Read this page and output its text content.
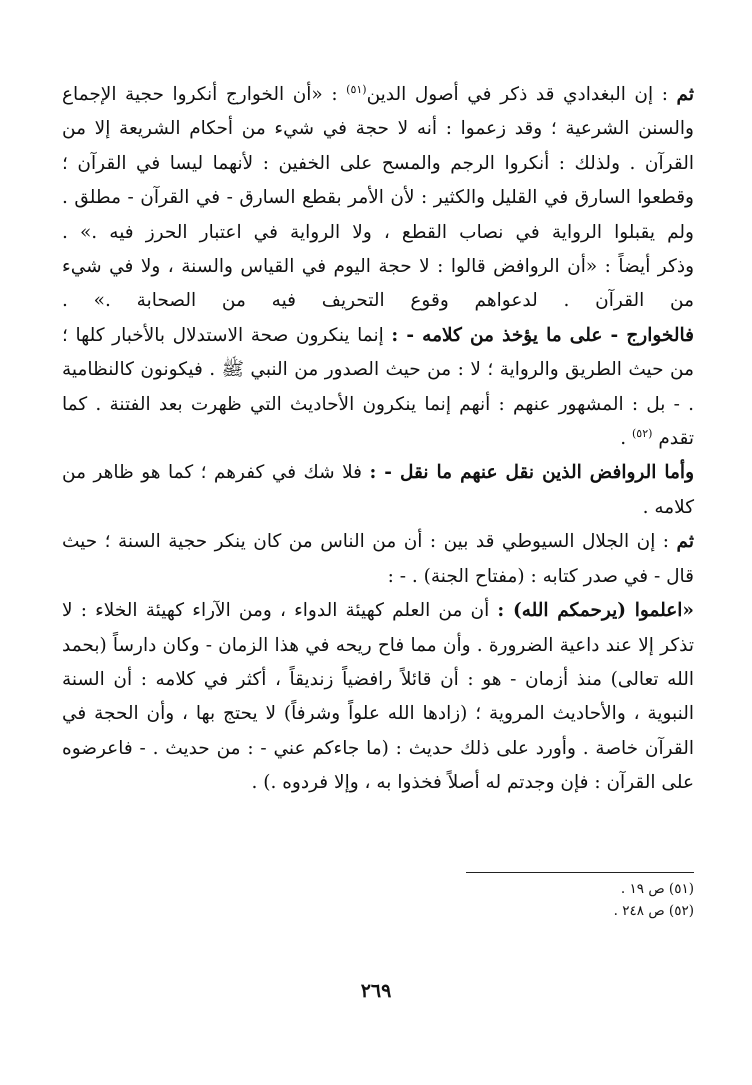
ثم : إن البغدادي قد ذكر في أصول الدين$^{(٥١)}$ : «أن الخوارج أنكروا حجية الإجماع والسنن الشرعية ؛ وقد زعموا : أنه لا حجة في شيء من أحكام الشريعة إلا من القرآن . ولذلك : أنكروا الرجم والمسح على الخفين : لأنهما ليسا في القرآن ؛ وقطعوا السارق في القليل والكثير : لأن الأمر بقطع السارق - في القرآن - مطلق . ولم يقبلوا الرواية في نصاب القطع ، ولا الرواية في اعتبار الحرز فيه .» .

وذكر أيضاً : «أن الروافض قالوا : لا حجة اليوم في القياس والسنة ، ولا في شيء من القرآن . لدعواهم وقوع التحريف فيه من الصحابة .» .

فالخوارج - على ما يؤخذ من كلامه - : إنما ينكرون صحة الاستدلال بالأخبار كلها ؛ من حيث الطريق والرواية ؛ لا : من حيث الصدور من النبي ﷺ . فيكونون كالنظامية . - بل : المشهور عنهم : أنهم إنما ينكرون الأحاديث التي ظهرت بعد الفتنة . كما تقدم $^{(٥٢)}$ .

وأما الروافض الذين نقل عنهم ما نقل - : فلا شك في كفرهم ؛ كما هو ظاهر من كلامه .

ثم : إن الجلال السيوطي قد بين : أن من الناس من كان ينكر حجية السنة ؛ حيث قال - في صدر كتابه : (مفتاح الجنة) . - :

«اعلموا (يرحمكم الله) : أن من العلم كهيئة الدواء ، ومن الآراء كهيئة الخلاء : لا تذكر إلا عند داعية الضرورة . وأن مما فاح ريحه في هذا الزمان - وكان دارساً (بحمد الله تعالى) منذ أزمان - هو : أن قائلاً رافضياً زنديقاً ، أكثر في كلامه : أن السنة النبوية ، والأحاديث المروية ؛ (زادها الله علواً وشرفاً) لا يحتج بها ، وأن الحجة في القرآن خاصة . وأورد على ذلك حديث : (ما جاءكم عني - : من حديث . - فاعرضوه على القرآن : فإن وجدتم له أصلاً فخذوا به ، وإلا فردوه .) .

(٥١) ص ١٩ .
(٥٢) ص ٢٤٨ .
٢٦٩
